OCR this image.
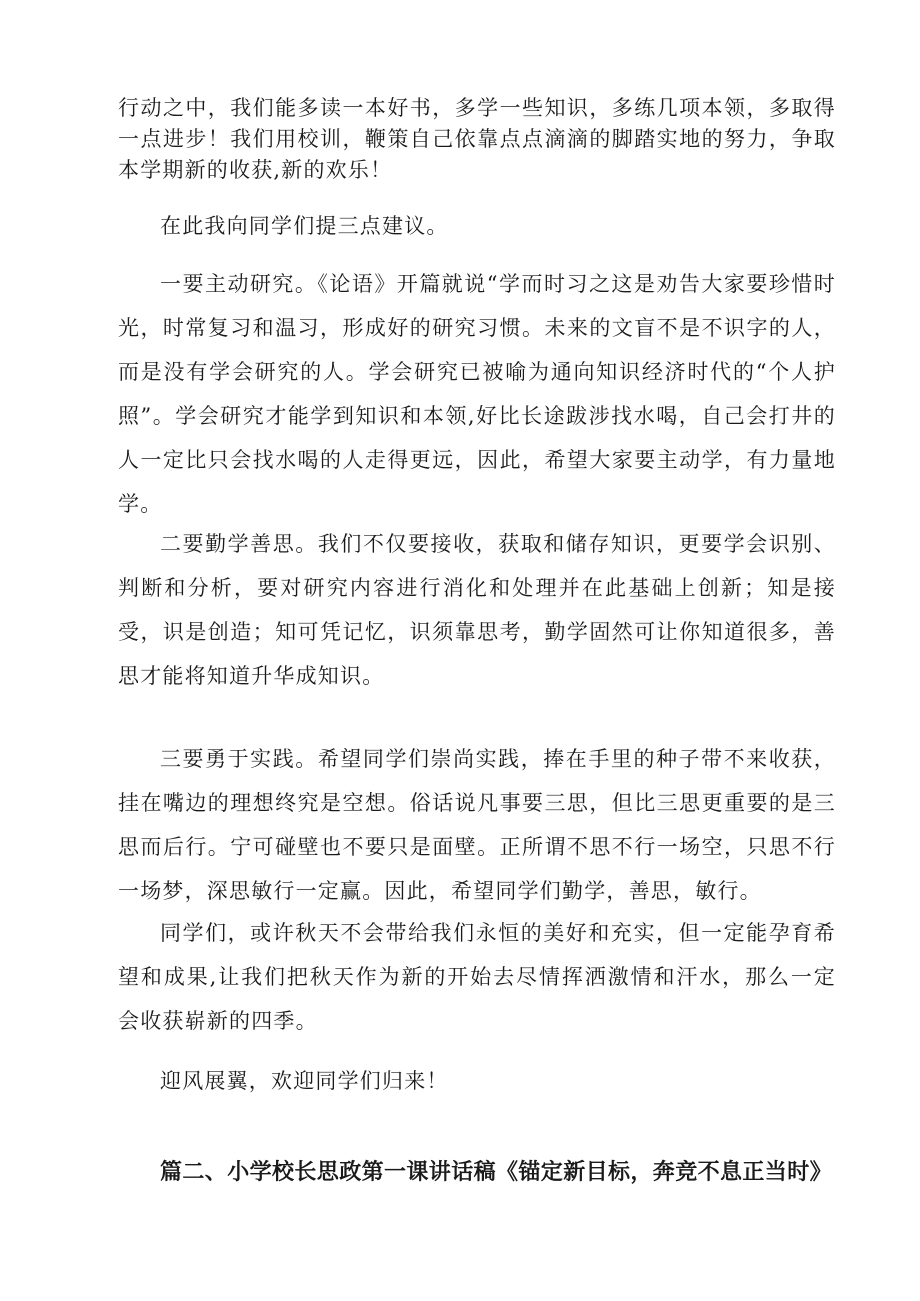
行动之中，我们能多读一本好书，多学一些知识，多练几项本领，多取得一点进步！我们用校训，鞭策自己依靠点点滴滴的脚踏实地的努力，争取本学期新的收获,新的欢乐！

在此我向同学们提三点建议。

一要主动研究。《论语》开篇就说“学而时习之这是劝告大家要珍惜时光，时常复习和温习，形成好的研究习惯。未来的文盲不是不识字的人，而是没有学会研究的人。学会研究已被喻为通向知识经济时代的“个人护照”。学会研究才能学到知识和本领,好比长途跋涉找水喝，自己会打井的人一定比只会找水喝的人走得更远，因此，希望大家要主动学，有力量地学。

二要勤学善思。我们不仅要接收，获取和储存知识，更要学会识别、判断和分析，要对研究内容进行消化和处理并在此基础上创新；知是接受，识是创造；知可凭记忆，识须靠思考，勤学固然可让你知道很多，善思才能将知道升华成知识。

三要勇于实践。希望同学们崇尚实践，捧在手里的种子带不来收获，挂在嘴边的理想终究是空想。俗话说凡事要三思，但比三思更重要的是三思而后行。宁可碰壁也不要只是面壁。正所谓不思不行一场空，只思不行一场梦，深思敏行一定赢。因此，希望同学们勤学，善思，敏行。

同学们，或许秋天不会带给我们永恒的美好和充实，但一定能孕育希望和成果,让我们把秋天作为新的开始去尽情挥洒激情和汗水，那么一定会收获崭新的四季。

迎风展翼，欢迎同学们归来！

篇二、小学校长思政第一课讲话稿《锚定新目标，奔竞不息正当时》
